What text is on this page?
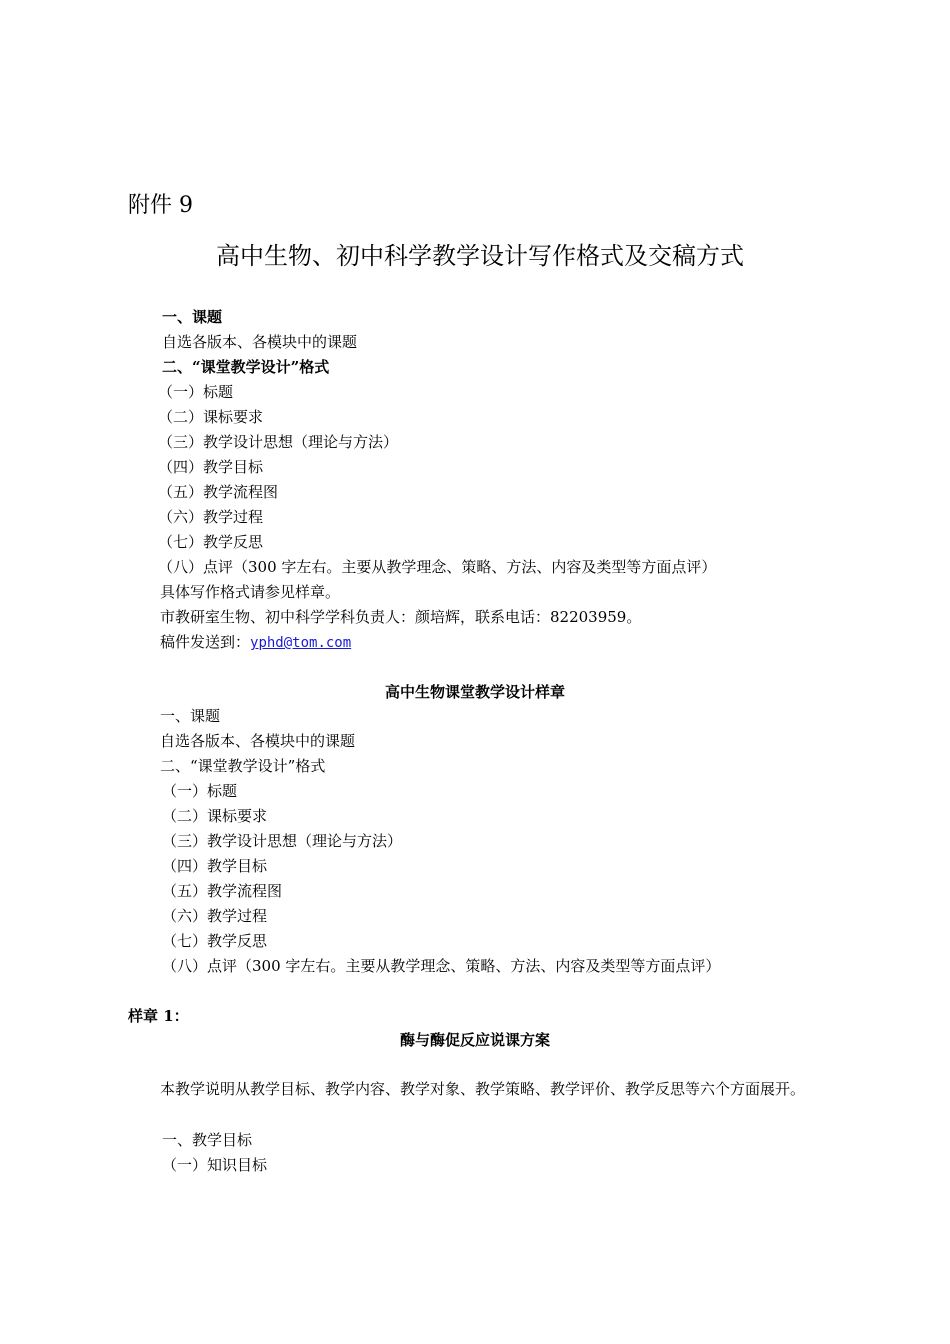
附件 9
高中生物、初中科学教学设计写作格式及交稿方式
一、课题
自选各版本、各模块中的课题
二、“课堂教学设计”格式
（一）标题
（二）课标要求
（三）教学设计思想（理论与方法）
（四）教学目标
（五）教学流程图
（六）教学过程
（七）教学反思
（八）点评（300 字左右。主要从教学理念、策略、方法、内容及类型等方面点评）
具体写作格式请参见样章。
市教研室生物、初中科学学科负责人：颜培辉，联系电话：82203959。
稿件发送到：yphd@tom.com
高中生物课堂教学设计样章
一、课题
自选各版本、各模块中的课题
二、“课堂教学设计”格式
（一）标题
（二）课标要求
（三）教学设计思想（理论与方法）
（四）教学目标
（五）教学流程图
（六）教学过程
（七）教学反思
（八）点评（300 字左右。主要从教学理念、策略、方法、内容及类型等方面点评）
样章 1：
酶与酶促反应说课方案
本教学说明从教学目标、教学内容、教学对象、教学策略、教学评价、教学反思等六个方面展开。
一、教学目标
（一）知识目标
